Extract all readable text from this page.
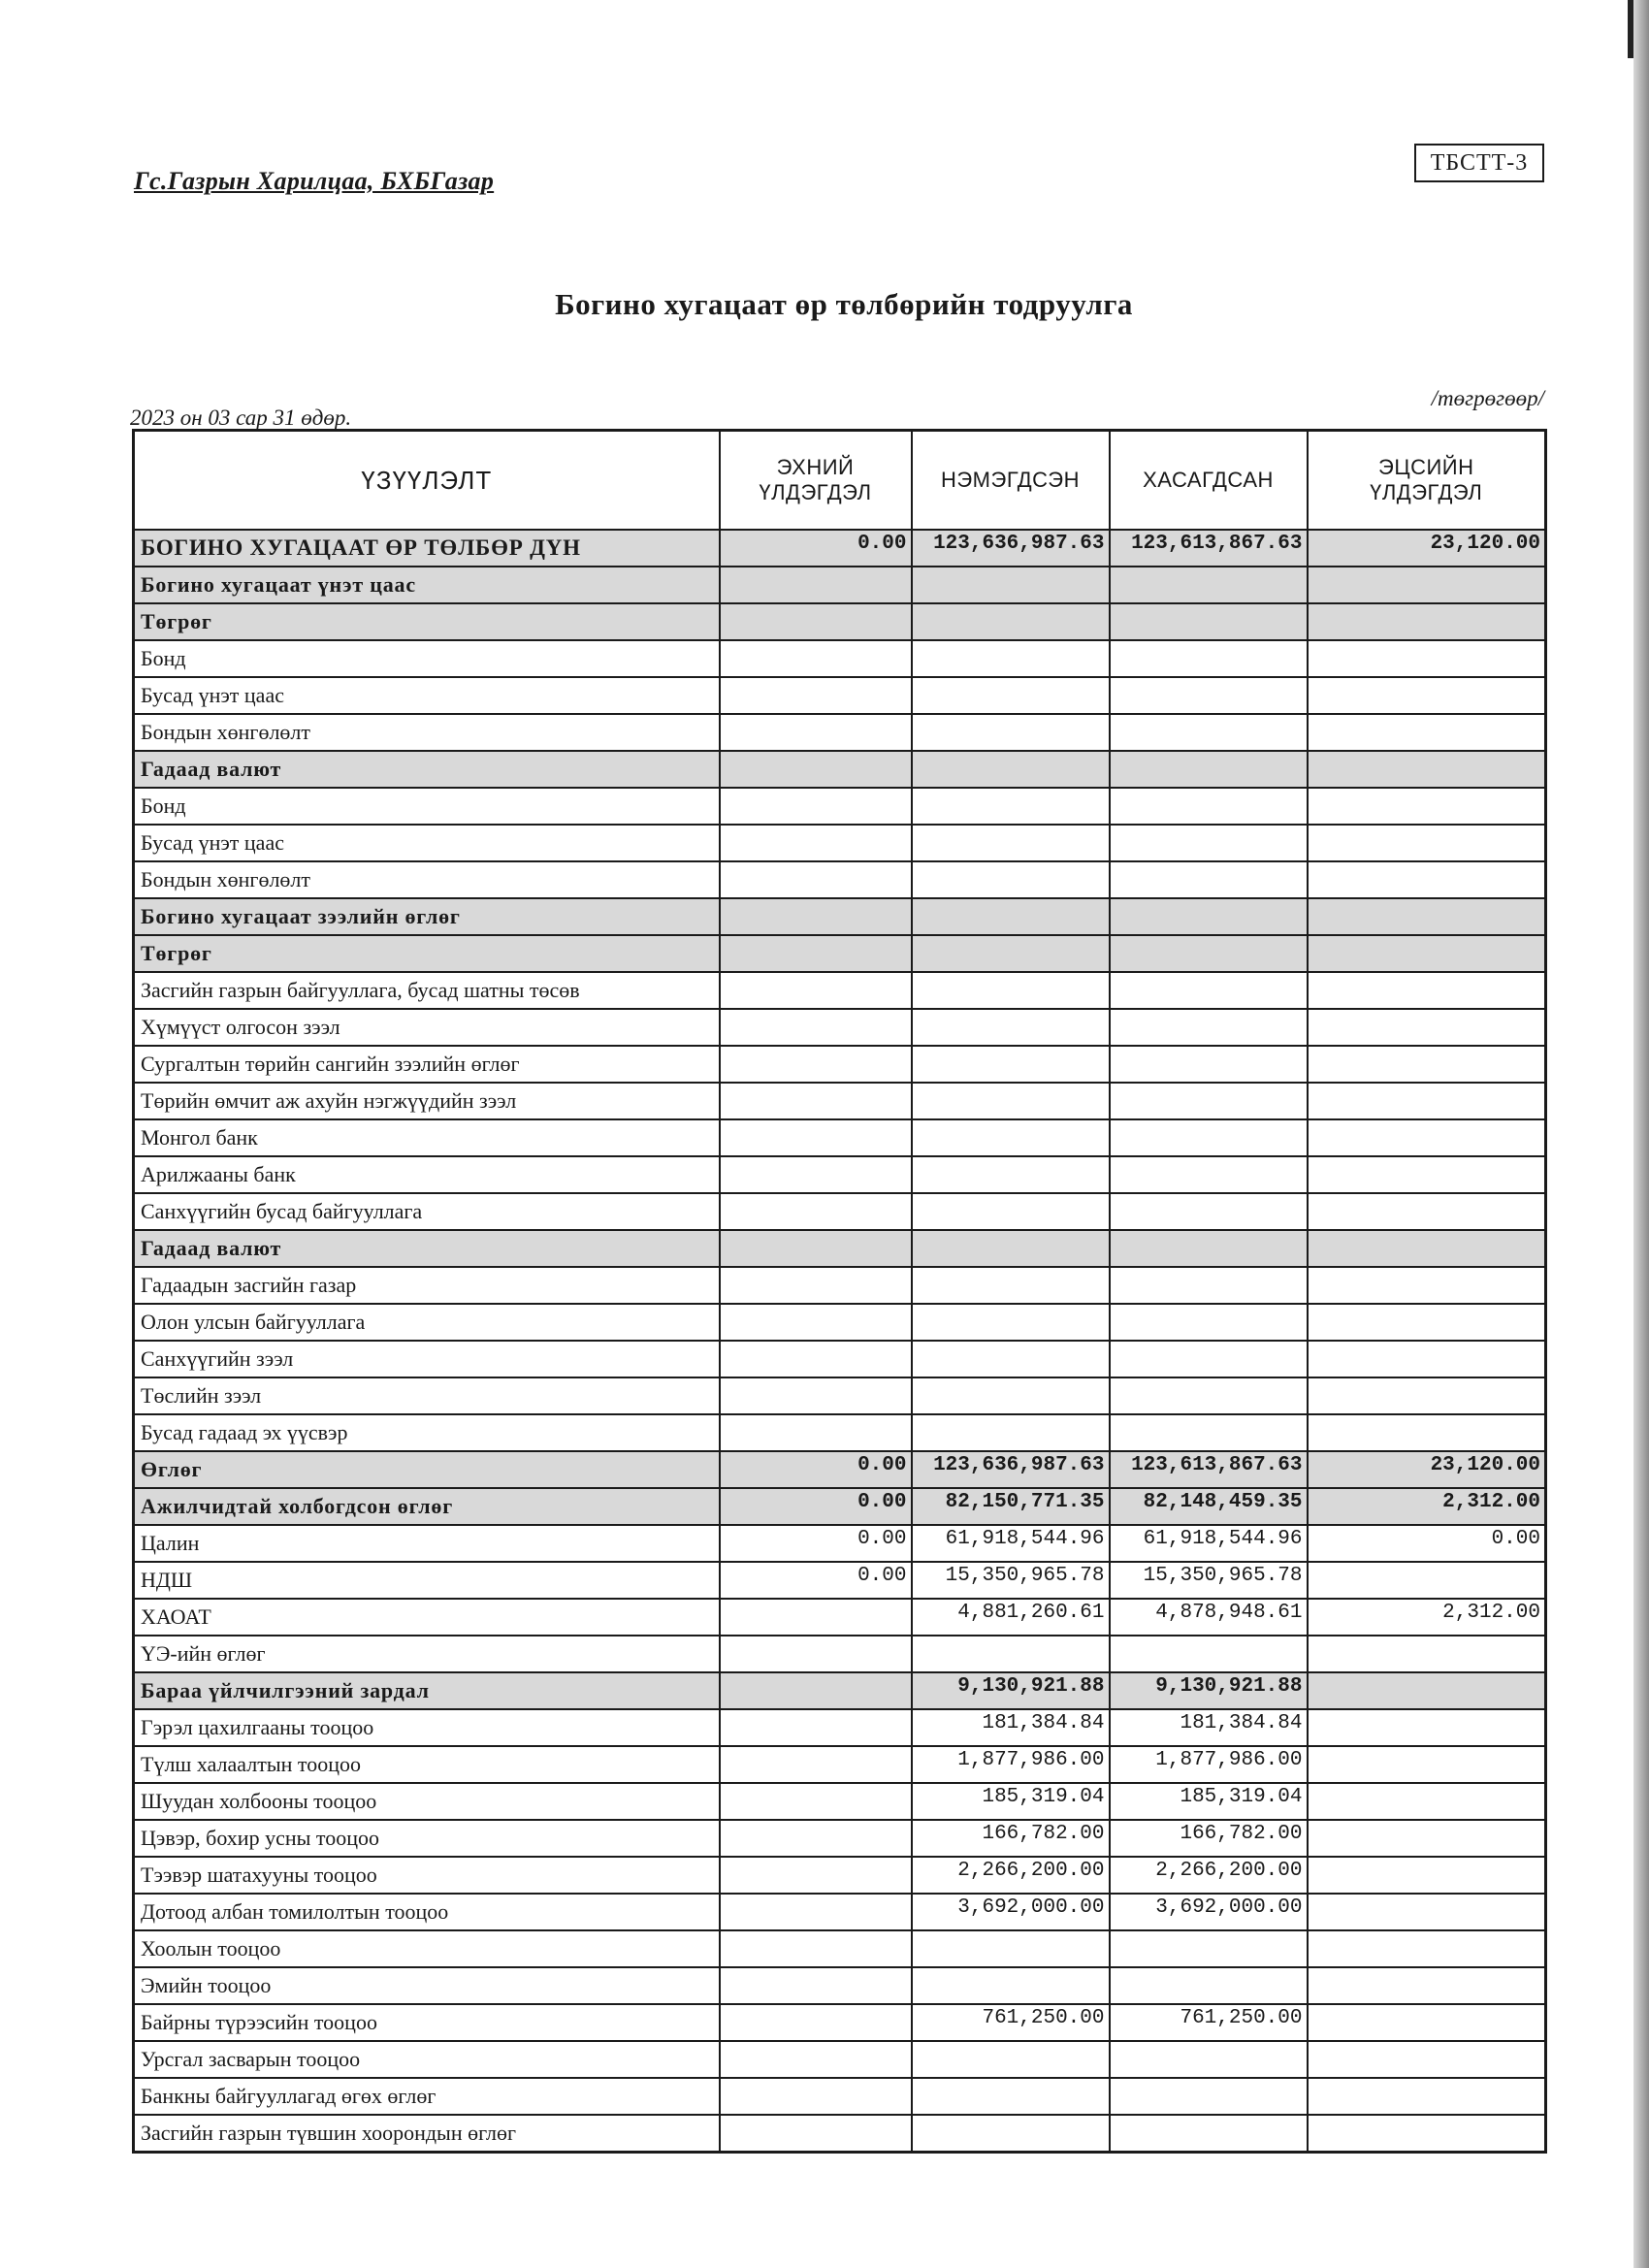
Гс.Газрын Харилцаа, БХБГазар
ТБСТТ-3
Богино хугацаат өр төлбөрийн тодруулга
2023 он 03 сар 31 өдөр.
/төгрөгөөр/
ҮЗҮҮЛЭЛТ	ЭХНИЙ ҮЛДЭГДЭЛ	НЭМЭГДСЭН	ХАСАГДСАН	ЭЦСИЙН ҮЛДЭГДЭЛ
БОГИНО ХУГАЦААТ ӨР ТӨЛБӨР ДҮН	0.00	123,636,987.63	123,613,867.63	23,120.00
Богино хугацаат үнэт цаас				
Төгрөг				
Бонд				
Бусад үнэт цаас				
Бондын хөнгөлөлт				
Гадаад валют				
Бонд				
Бусад үнэт цаас				
Бондын хөнгөлөлт				
Богино хугацаат зээлийн өглөг				
Төгрөг				
Засгийн газрын байгууллага, бусад шатны төсөв				
Хүмүүст олгосон зээл				
Сургалтын төрийн сангийн зээлийн өглөг				
Төрийн өмчит аж ахуйн нэгжүүдийн зээл				
Монгол банк				
Арилжааны банк				
Санхүүгийн бусад байгууллага				
Гадаад валют				
Гадаадын засгийн газар				
Олон улсын байгууллага				
Санхүүгийн зээл				
Төслийн зээл				
Бусад гадаад эх үүсвэр				
Өглөг	0.00	123,636,987.63	123,613,867.63	23,120.00
Ажилчидтай холбогдсон өглөг	0.00	82,150,771.35	82,148,459.35	2,312.00
Цалин	0.00	61,918,544.96	61,918,544.96	0.00
НДШ	0.00	15,350,965.78	15,350,965.78	
ХАОАТ		4,881,260.61	4,878,948.61	2,312.00
ҮЭ-ийн өглөг				
Бараа үйлчилгээний зардал		9,130,921.88	9,130,921.88	
Гэрэл цахилгааны тооцоо		181,384.84	181,384.84	
Түлш халаалтын тооцоо		1,877,986.00	1,877,986.00	
Шуудан холбооны тооцоо		185,319.04	185,319.04	
Цэвэр, бохир усны тооцоо		166,782.00	166,782.00	
Тээвэр шатахууны тооцоо		2,266,200.00	2,266,200.00	
Дотоод албан томилолтын тооцоо		3,692,000.00	3,692,000.00	
Хоолын тооцоо				
Эмийн тооцоо				
Байрны түрээсийн тооцоо		761,250.00	761,250.00	
Урсгал засварын тооцоо				
Банкны байгууллагад өгөх өглөг				
Засгийн газрын түвшин хоорондын өглөг				
